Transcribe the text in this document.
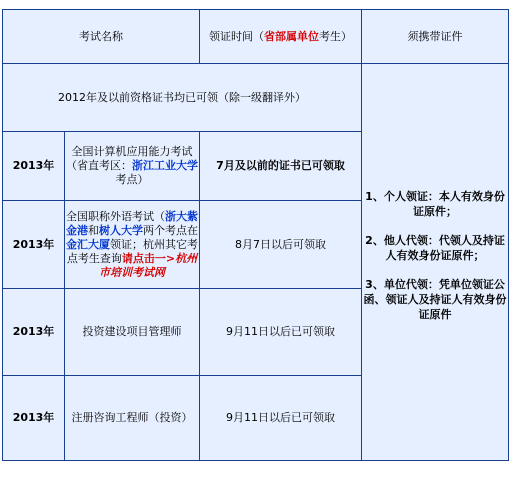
考试名称		领证时间（省部属单位考生）	须携带证件
2012年及以前资格证书均已可领（除一级翻译外）			1、个人领证：本人有效身份证原件；

2、他人代领：代领人及持证人有效身份证原件；

3、单位代领：凭单位领证公函、领证人及持证人有效身份证原件

2013年	全国计算机应用能力考试（省直考区：浙江工业大学考点）	7月及以前的证书已可领取	
2013年	全国职称外语考试（浙大紫金港和树人大学两个考点在金汇大厦领证；杭州其它考点考生查询请点击一>杭州市培训考试网	8月7日以后可领取	
2013年	投资建设项目管理师	9月11日以后已可领取	
2013年	注册咨询工程师（投资）	9月11日以后已可领取	
